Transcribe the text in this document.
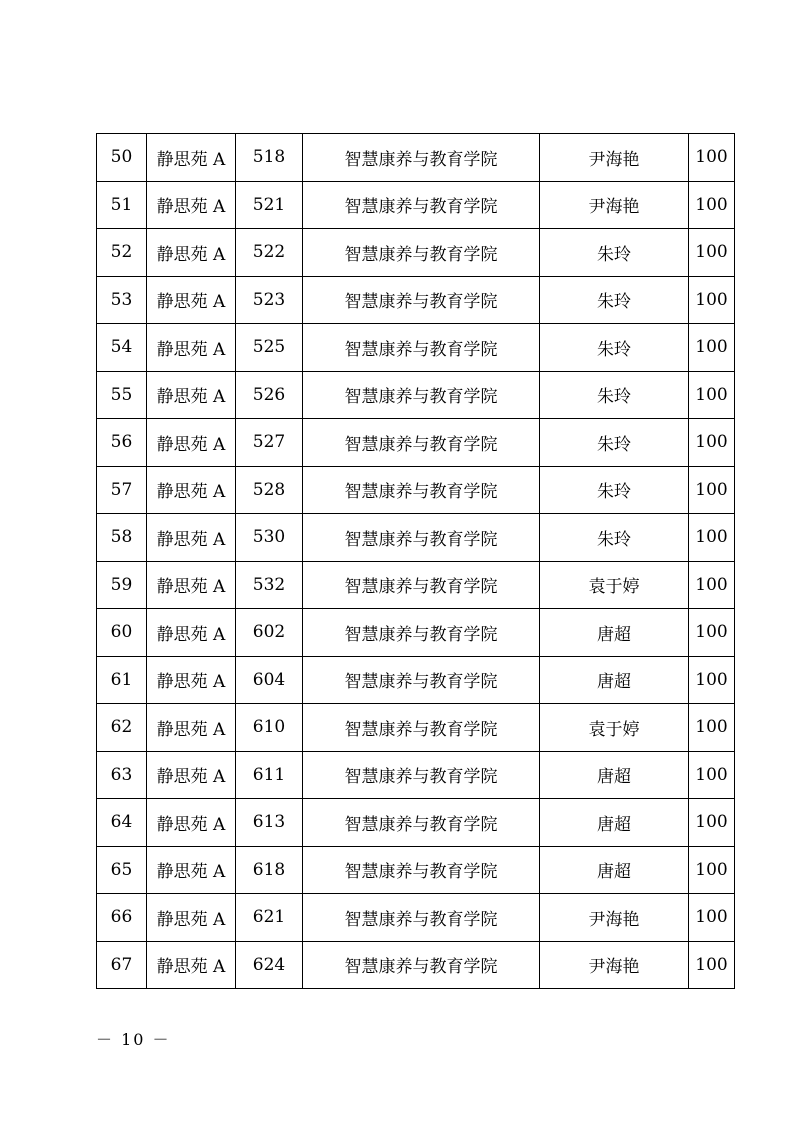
50	静思苑 A	518	智慧康养与教育学院	尹海艳	100
51	静思苑 A	521	智慧康养与教育学院	尹海艳	100
52	静思苑 A	522	智慧康养与教育学院	朱玲	100
53	静思苑 A	523	智慧康养与教育学院	朱玲	100
54	静思苑 A	525	智慧康养与教育学院	朱玲	100
55	静思苑 A	526	智慧康养与教育学院	朱玲	100
56	静思苑 A	527	智慧康养与教育学院	朱玲	100
57	静思苑 A	528	智慧康养与教育学院	朱玲	100
58	静思苑 A	530	智慧康养与教育学院	朱玲	100
59	静思苑 A	532	智慧康养与教育学院	袁于婷	100
60	静思苑 A	602	智慧康养与教育学院	唐超	100
61	静思苑 A	604	智慧康养与教育学院	唐超	100
62	静思苑 A	610	智慧康养与教育学院	袁于婷	100
63	静思苑 A	611	智慧康养与教育学院	唐超	100
64	静思苑 A	613	智慧康养与教育学院	唐超	100
65	静思苑 A	618	智慧康养与教育学院	唐超	100
66	静思苑 A	621	智慧康养与教育学院	尹海艳	100
67	静思苑 A	624	智慧康养与教育学院	尹海艳	100
－ 10 －
